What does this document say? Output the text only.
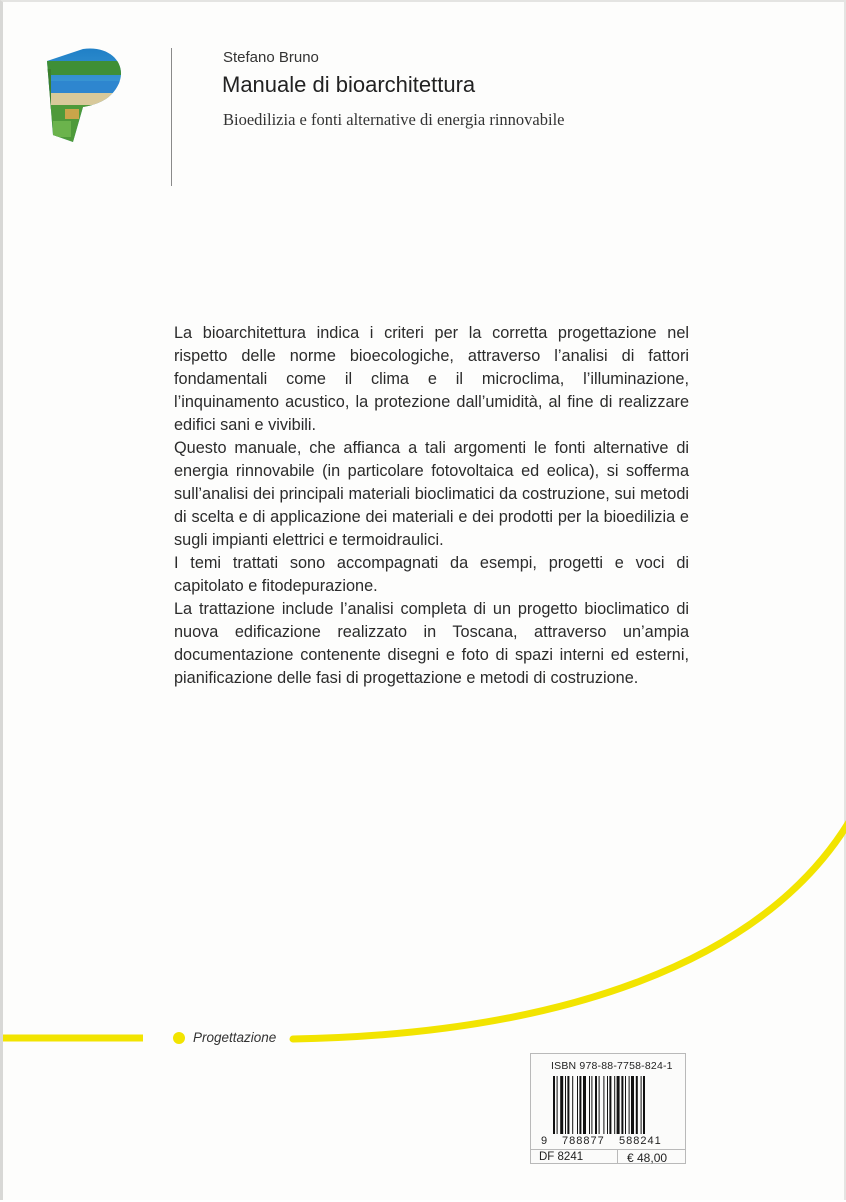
Stefano Bruno
Manuale di bioarchitettura
Bioedilizia e fonti alternative di energia rinnovabile

La bioarchitettura indica i criteri per la corretta progettazione nel rispetto delle norme bioecologiche, attraverso l’analisi di fattori fondamentali come il clima e il microclima, l’illuminazione, l’inquinamento acustico, la protezione dall’umidità, al fine di realizzare edifici sani e vivibili.

Questo manuale, che affianca a tali argomenti le fonti alternative di energia rinnovabile (in particolare fotovoltaica ed eolica), si sofferma sull’analisi dei principali materiali bioclimatici da costruzione, sui metodi di scelta e di applicazione dei materiali e dei prodotti per la bioedilizia e sugli impianti elettrici e termoidraulici.

I temi trattati sono accompagnati da esempi, progetti e voci di capitolato e fitodepurazione.

La trattazione include l’analisi completa di un progetto bioclimatico di nuova edificazione realizzato in Toscana, attraverso un’ampia documentazione contenente disegni e foto di spazi interni ed esterni, pianificazione delle fasi di progettazione e metodi di costruzione.

Progettazione
ISBN 978-88-7758-824-1
9 788877 588241
DF 8241	€ 48,00
